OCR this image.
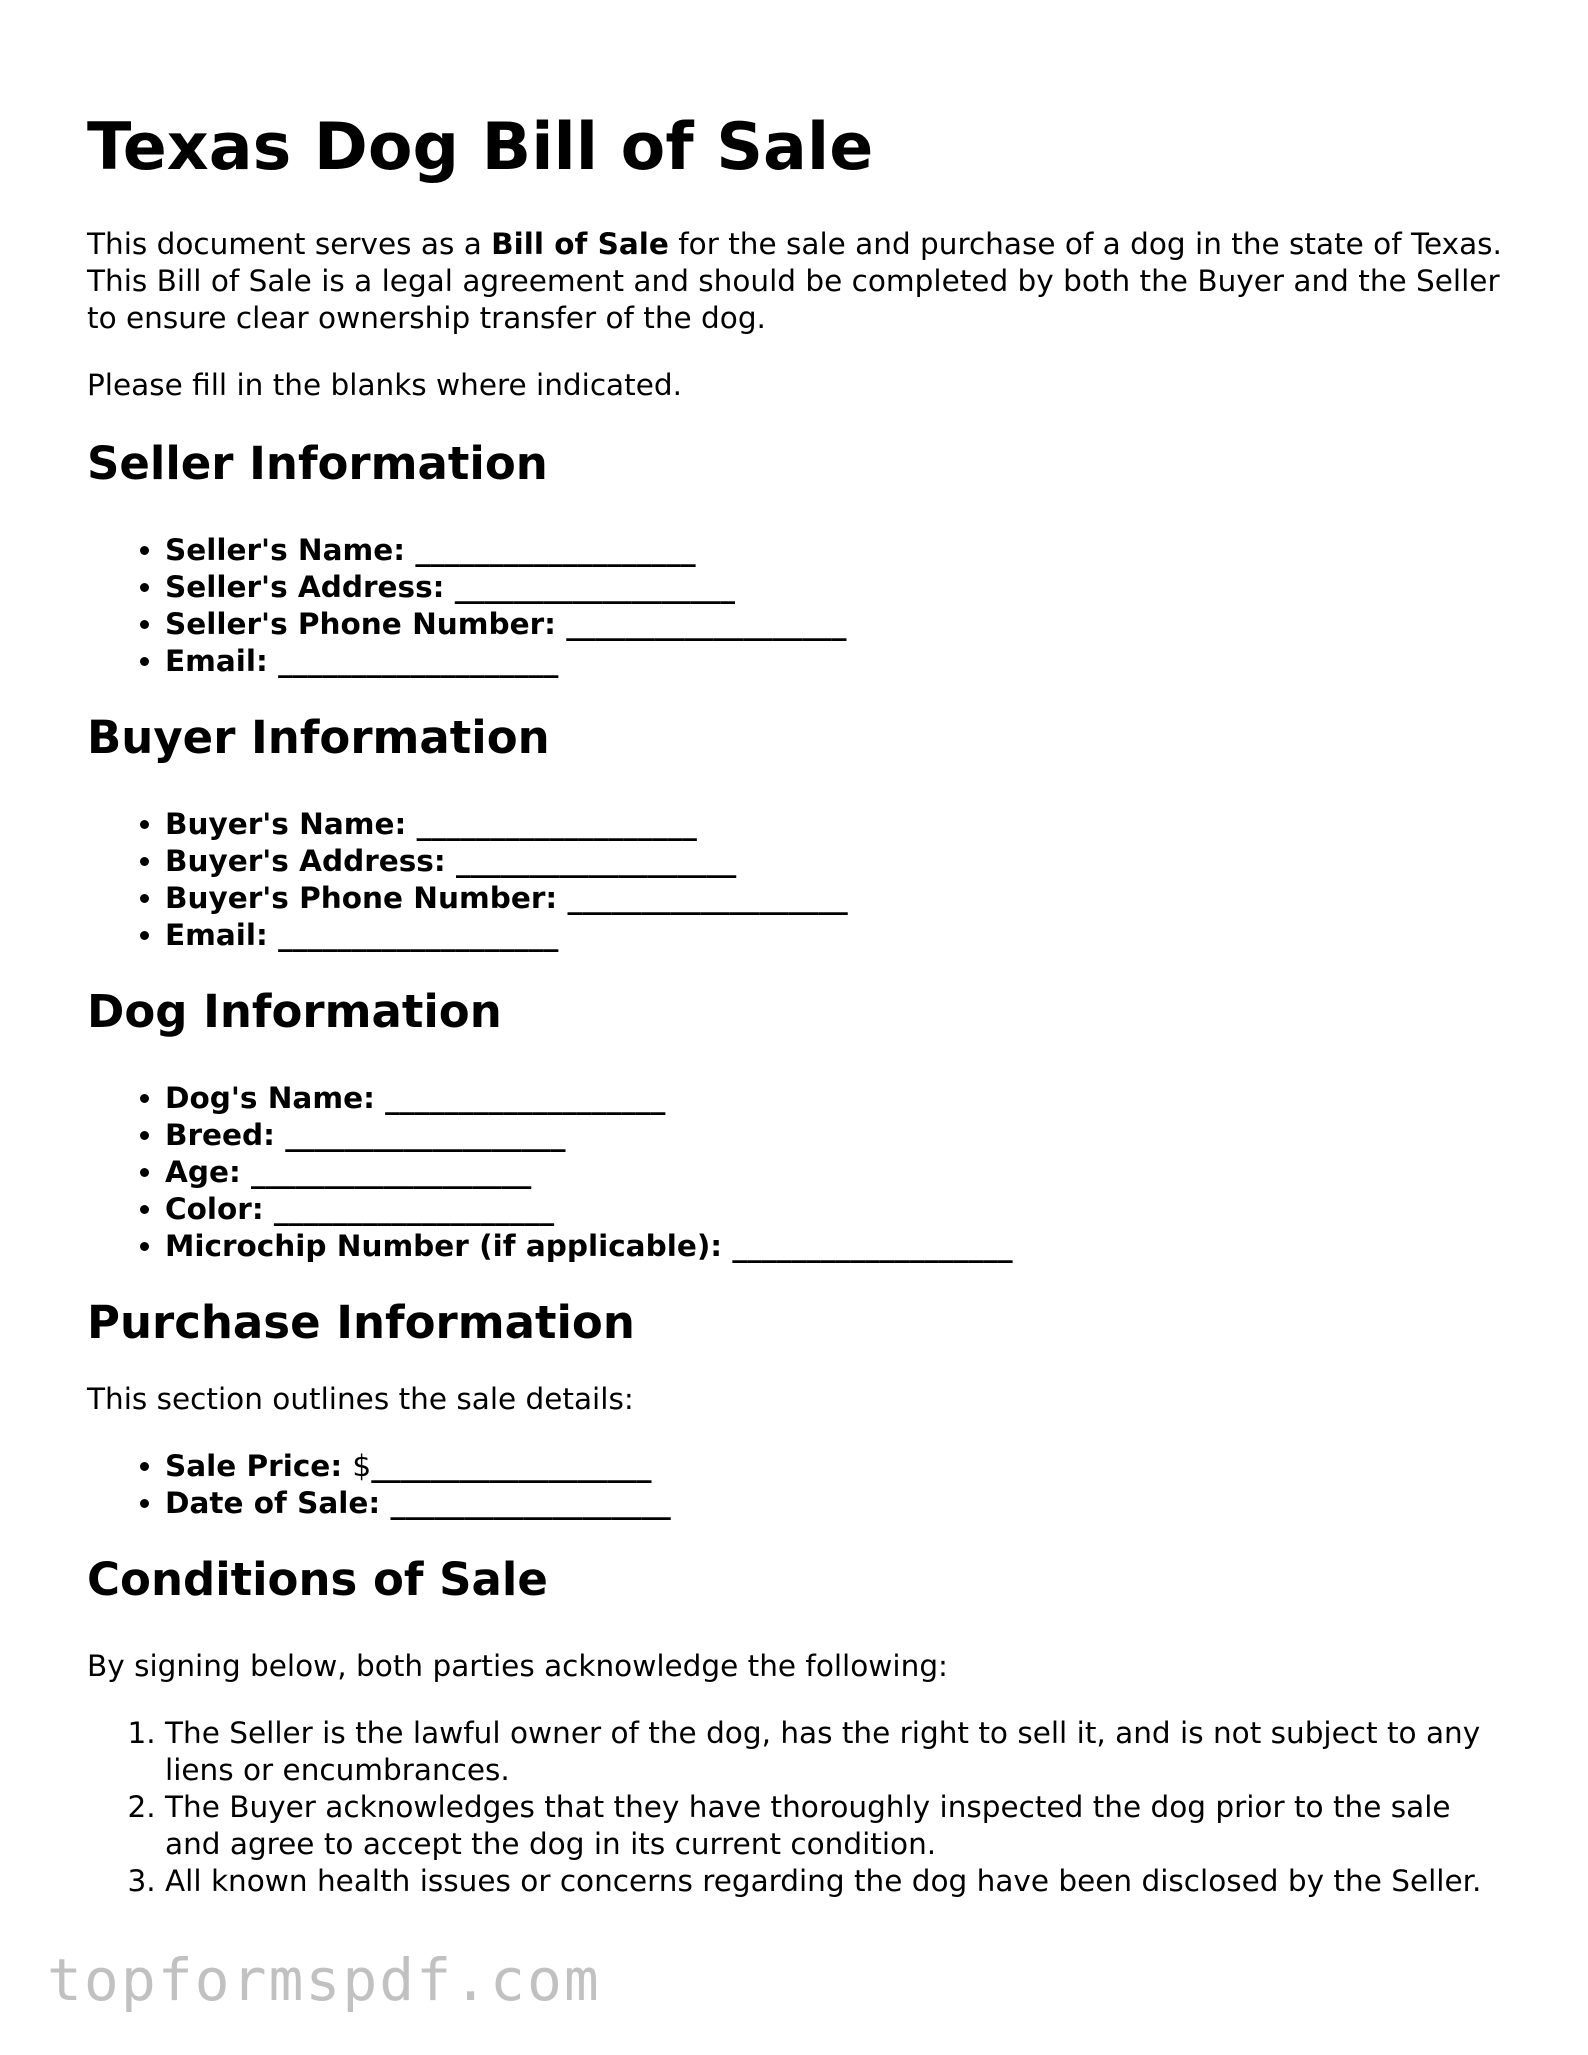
Texas Dog Bill of Sale

This document serves as a Bill of Sale for the sale and purchase of a dog in the state of Texas. This Bill of Sale is a legal agreement and should be completed by both the Buyer and the Seller to ensure clear ownership transfer of the dog.

Please fill in the blanks where indicated.

Seller Information
• Seller's Name: ___________________
• Seller's Address: ___________________
• Seller's Phone Number: ___________________
• Email: ___________________
Buyer Information
• Buyer's Name: ___________________
• Buyer's Address: ___________________
• Buyer's Phone Number: ___________________
• Email: ___________________
Dog Information
• Dog's Name: ___________________
• Breed: ___________________
• Age: ___________________
• Color: ___________________
• Microchip Number (if applicable): ___________________
Purchase Information

This section outlines the sale details:

• Sale Price: $___________________
• Date of Sale: ___________________
Conditions of Sale

By signing below, both parties acknowledge the following:

1. The Seller is the lawful owner of the dog, has the right to sell it, and is not subject to any liens or encumbrances.
2. The Buyer acknowledges that they have thoroughly inspected the dog prior to the sale and agree to accept the dog in its current condition.
3. All known health issues or concerns regarding the dog have been disclosed by the Seller.
topformspdf.com
